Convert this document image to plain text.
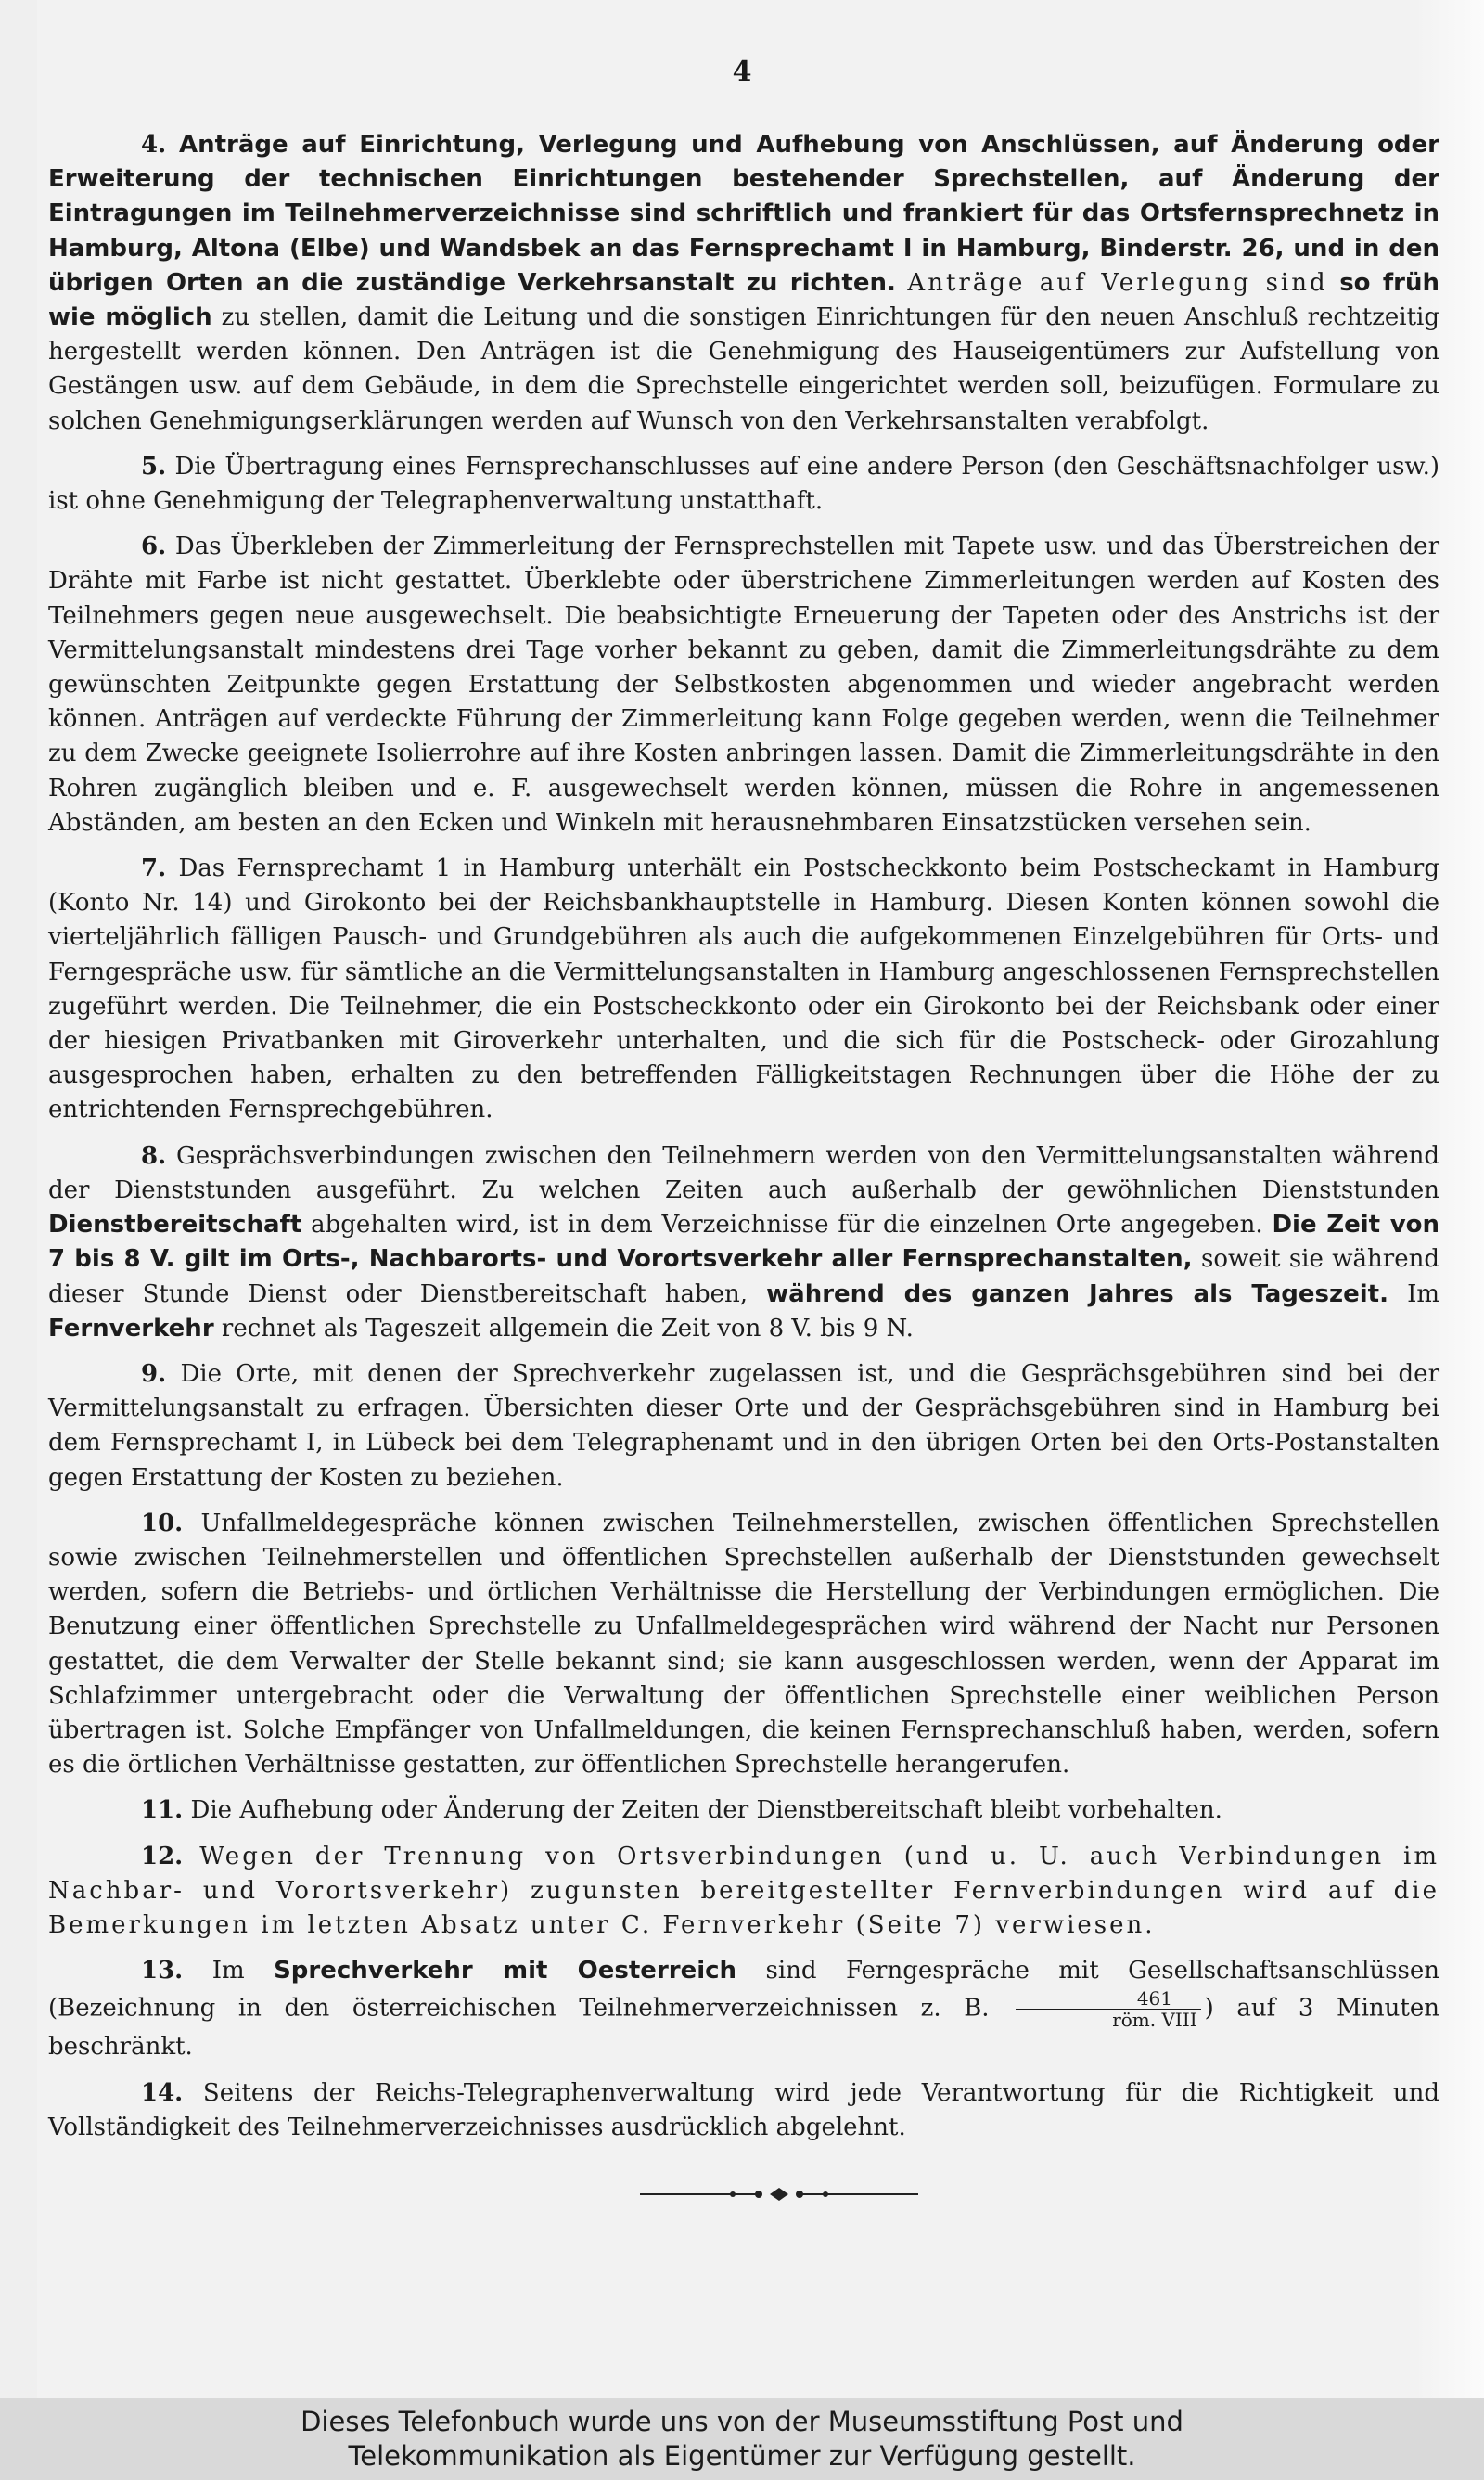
4

4. Anträge auf Einrichtung, Verlegung und Aufhebung von Anschlüssen, auf Änderung oder Erweiterung der technischen Einrichtungen bestehender Sprechstellen, auf Änderung der Eintragungen im Teilnehmerverzeichnisse sind schriftlich und frankiert für das Ortsfernsprechnetz in Hamburg, Altona (Elbe) und Wandsbek an das Fernsprechamt I in Hamburg, Binderstr. 26, und in den übrigen Orten an die zuständige Verkehrsanstalt zu richten. Anträge auf Verlegung sind so früh wie möglich zu stellen, damit die Leitung und die sonstigen Einrichtungen für den neuen Anschluß rechtzeitig hergestellt werden können. Den Anträgen ist die Genehmigung des Hauseigentümers zur Aufstellung von Gestängen usw. auf dem Gebäude, in dem die Sprechstelle eingerichtet werden soll, beizufügen. Formulare zu solchen Genehmigungserklärungen werden auf Wunsch von den Verkehrsanstalten verabfolgt.

5. Die Übertragung eines Fernsprechanschlusses auf eine andere Person (den Geschäftsnachfolger usw.) ist ohne Genehmigung der Telegraphenverwaltung unstatthaft.

6. Das Überkleben der Zimmerleitung der Fernsprechstellen mit Tapete usw. und das Überstreichen der Drähte mit Farbe ist nicht gestattet. Überklebte oder überstrichene Zimmerleitungen werden auf Kosten des Teilnehmers gegen neue ausgewechselt. Die beabsichtigte Erneuerung der Tapeten oder des Anstrichs ist der Vermittelungsanstalt mindestens drei Tage vorher bekannt zu geben, damit die Zimmerleitungsdrähte zu dem gewünschten Zeitpunkte gegen Erstattung der Selbstkosten abgenommen und wieder angebracht werden können. Anträgen auf verdeckte Führung der Zimmerleitung kann Folge gegeben werden, wenn die Teilnehmer zu dem Zwecke geeignete Isolierrohre auf ihre Kosten anbringen lassen. Damit die Zimmerleitungsdrähte in den Rohren zugänglich bleiben und e. F. ausgewechselt werden können, müssen die Rohre in angemessenen Abständen, am besten an den Ecken und Winkeln mit herausnehmbaren Einsatzstücken versehen sein.

7. Das Fernsprechamt 1 in Hamburg unterhält ein Postscheckkonto beim Postscheckamt in Hamburg (Konto Nr. 14) und Girokonto bei der Reichsbankhauptstelle in Hamburg. Diesen Konten können sowohl die vierteljährlich fälligen Pausch- und Grundgebühren als auch die aufgekommenen Einzelgebühren für Orts- und Ferngespräche usw. für sämtliche an die Vermittelungsanstalten in Hamburg angeschlossenen Fernsprechstellen zugeführt werden. Die Teilnehmer, die ein Postscheckkonto oder ein Girokonto bei der Reichsbank oder einer der hiesigen Privatbanken mit Giroverkehr unterhalten, und die sich für die Postscheck- oder Girozahlung ausgesprochen haben, erhalten zu den betreffenden Fälligkeitstagen Rechnungen über die Höhe der zu entrichtenden Fernsprechgebühren.

8. Gesprächsverbindungen zwischen den Teilnehmern werden von den Vermittelungsanstalten während der Dienststunden ausgeführt. Zu welchen Zeiten auch außerhalb der gewöhnlichen Dienststunden Dienstbereitschaft abgehalten wird, ist in dem Verzeichnisse für die einzelnen Orte angegeben. Die Zeit von 7 bis 8 V. gilt im Orts-, Nachbarorts- und Vorortsverkehr aller Fernsprechanstalten, soweit sie während dieser Stunde Dienst oder Dienstbereitschaft haben, während des ganzen Jahres als Tageszeit. Im Fernverkehr rechnet als Tageszeit allgemein die Zeit von 8 V. bis 9 N.

9. Die Orte, mit denen der Sprechverkehr zugelassen ist, und die Gesprächsgebühren sind bei der Vermittelungsanstalt zu erfragen. Übersichten dieser Orte und der Gesprächsgebühren sind in Hamburg bei dem Fernsprechamt I, in Lübeck bei dem Telegraphenamt und in den übrigen Orten bei den Orts-Postanstalten gegen Erstattung der Kosten zu beziehen.

10. Unfallmeldegespräche können zwischen Teilnehmerstellen, zwischen öffentlichen Sprechstellen sowie zwischen Teilnehmerstellen und öffentlichen Sprechstellen außerhalb der Dienststunden gewechselt werden, sofern die Betriebs- und örtlichen Verhältnisse die Herstellung der Verbindungen ermöglichen. Die Benutzung einer öffentlichen Sprechstelle zu Unfallmeldegesprächen wird während der Nacht nur Personen gestattet, die dem Verwalter der Stelle bekannt sind; sie kann ausgeschlossen werden, wenn der Apparat im Schlafzimmer untergebracht oder die Verwaltung der öffentlichen Sprechstelle einer weiblichen Person übertragen ist. Solche Empfänger von Unfallmeldungen, die keinen Fernsprechanschluß haben, werden, sofern es die örtlichen Verhältnisse gestatten, zur öffentlichen Sprechstelle herangerufen.

11. Die Aufhebung oder Änderung der Zeiten der Dienstbereitschaft bleibt vorbehalten.

12. Wegen der Trennung von Ortsverbindungen (und u. U. auch Verbindungen im Nachbar- und Vorortsverkehr) zugunsten bereitgestellter Fernverbindungen wird auf die Bemerkungen im letzten Absatz unter C. Fernverkehr (Seite 7) verwiesen.

13. Im Sprechverkehr mit Oesterreich sind Ferngespräche mit Gesellschaftsanschlüssen (Bezeichnung in den österreichischen Teilnehmerverzeichnissen z. B. $\frac{461}{\text{röm. VIII}}$ ) auf 3 Minuten beschränkt.

14. Seitens der Reichs-Telegraphenverwaltung wird jede Verantwortung für die Richtigkeit und Vollständigkeit des Teilnehmerverzeichnisses ausdrücklich abgelehnt.

Dieses Telefonbuch wurde uns von der Museumsstiftung Post und
Telekommunikation als Eigentümer zur Verfügung gestellt.
